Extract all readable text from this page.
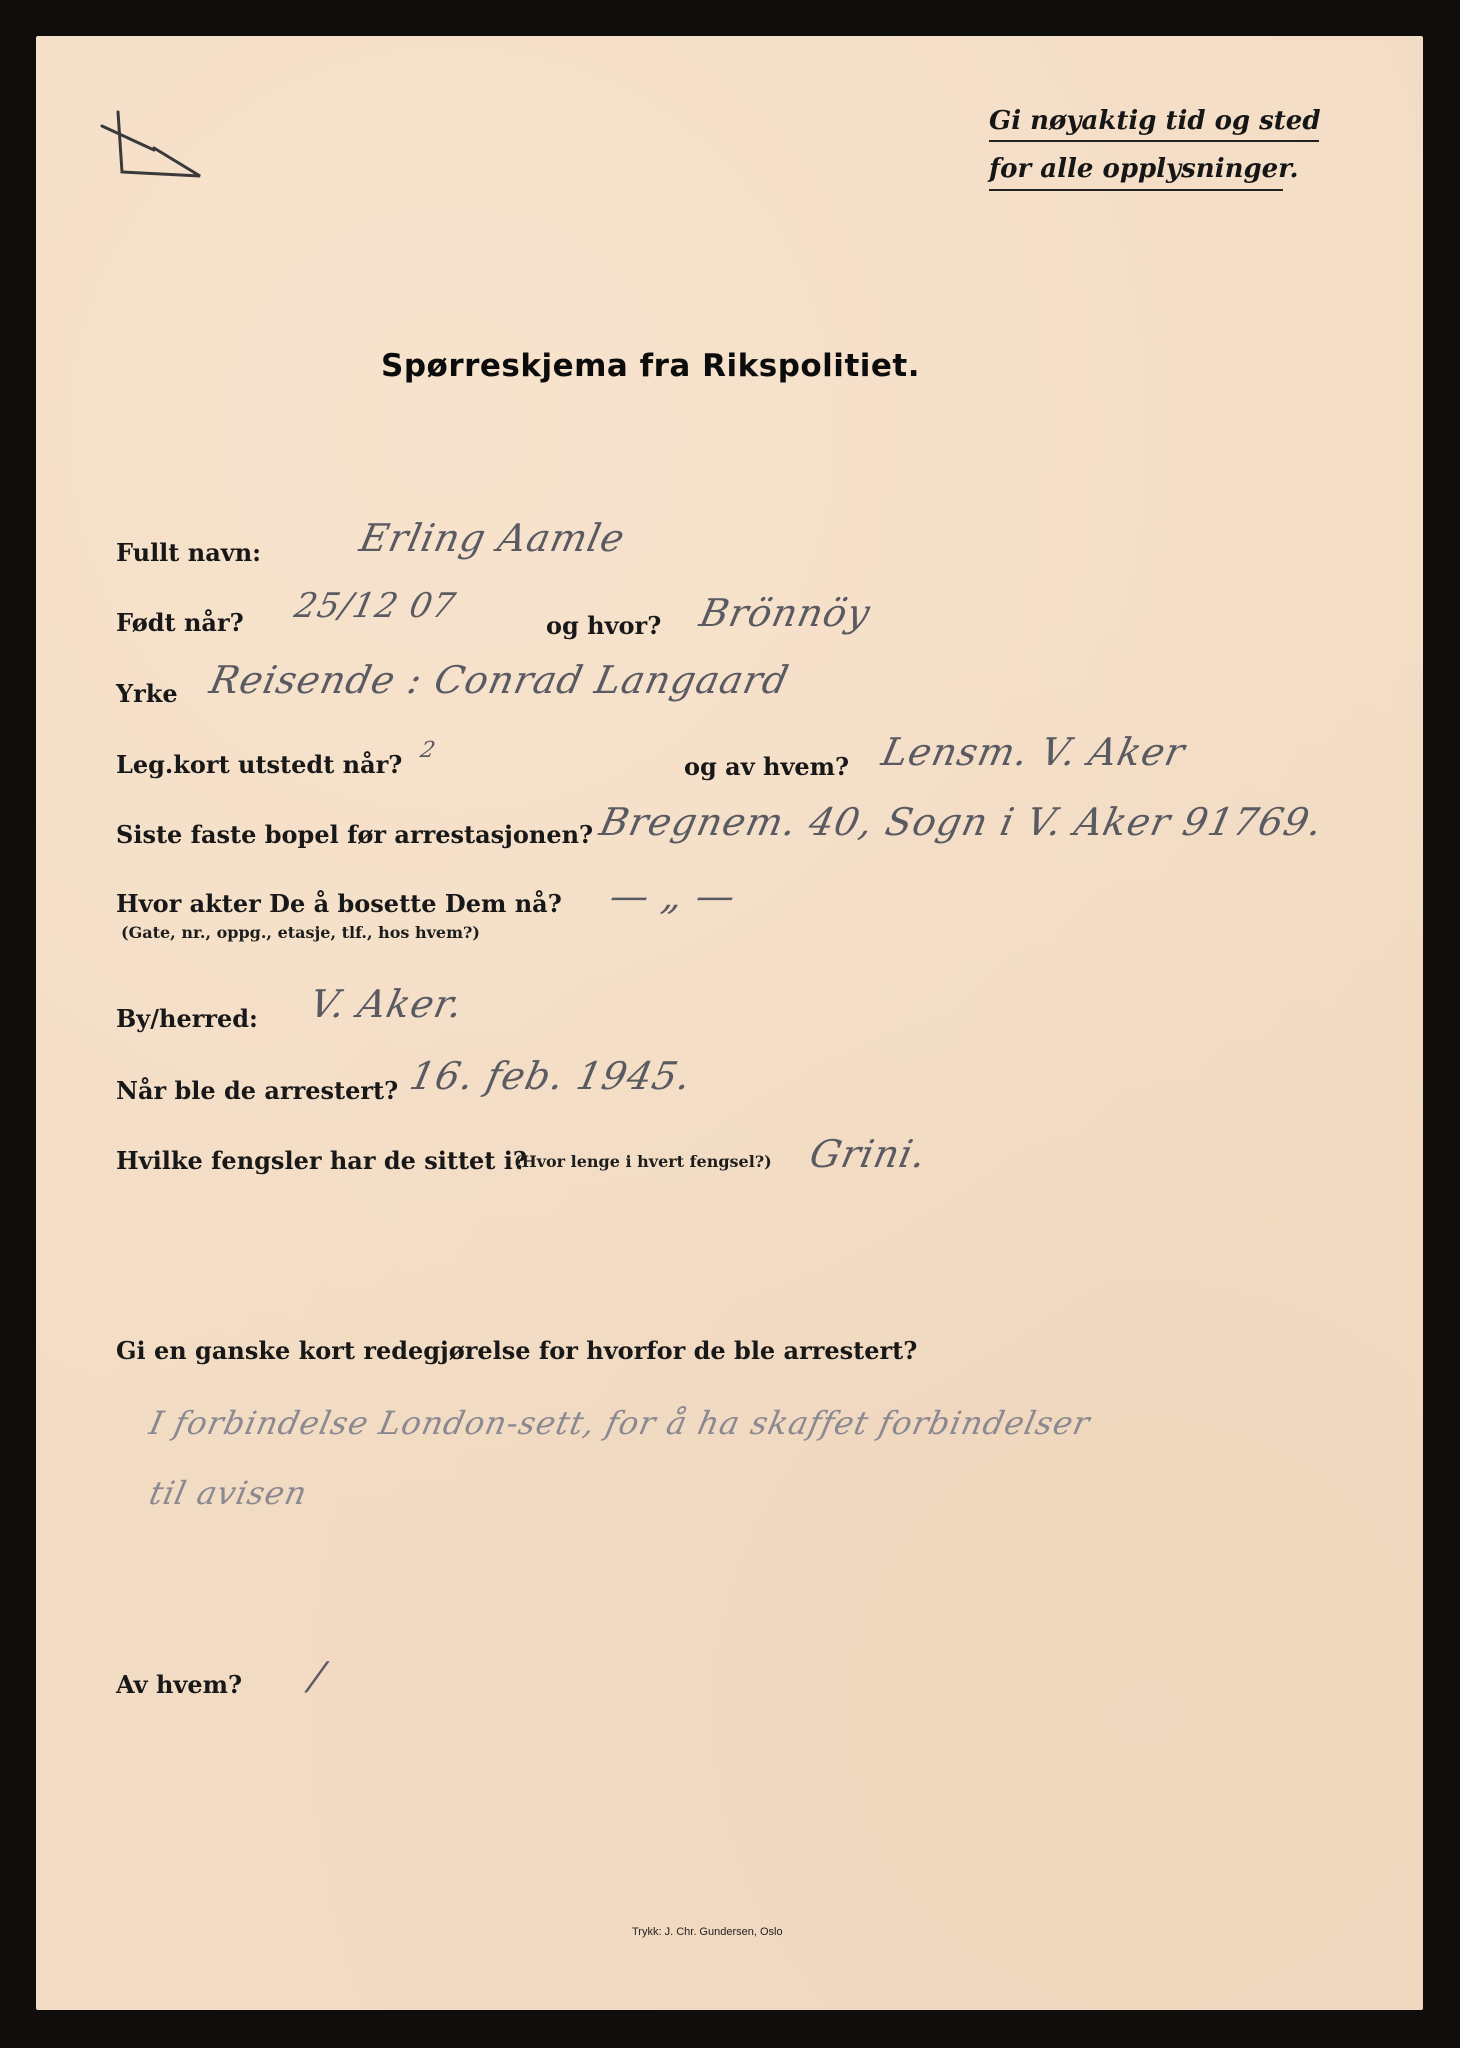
Gi nøyaktig tid og sted
for alle opplysninger.
Spørreskjema fra Rikspolitiet.
Fullt navn:	Erling Aamle
Født når? 25/12 07	og hvor? Brönnöy
Yrke Reisende : Conrad Langaard
Leg.kort utstedt når? 2
og av hvem? Lensm. V. Aker
Siste faste bopel før arrestasjonen? Bregnem. 40, Sogn i V. Aker 91769.
Hvor akter De å bosette Dem nå?
(Gate, nr., oppg., etasje, tlf., hos hvem?)
— „ —
By/herred: V. Aker.
Når ble de arrestert? 16. feb. 1945.
Hvilke fengsler har de sittet i?
(Hvor lenge i hvert fengsel?) Grini.
Gi en ganske kort redegjørelse for hvorfor de ble arrestert?
I forbindelse London-sett, for å ha skaffet forbindelser
til avisen
Av hvem? /
Trykk: J. Chr. Gundersen, Oslo
